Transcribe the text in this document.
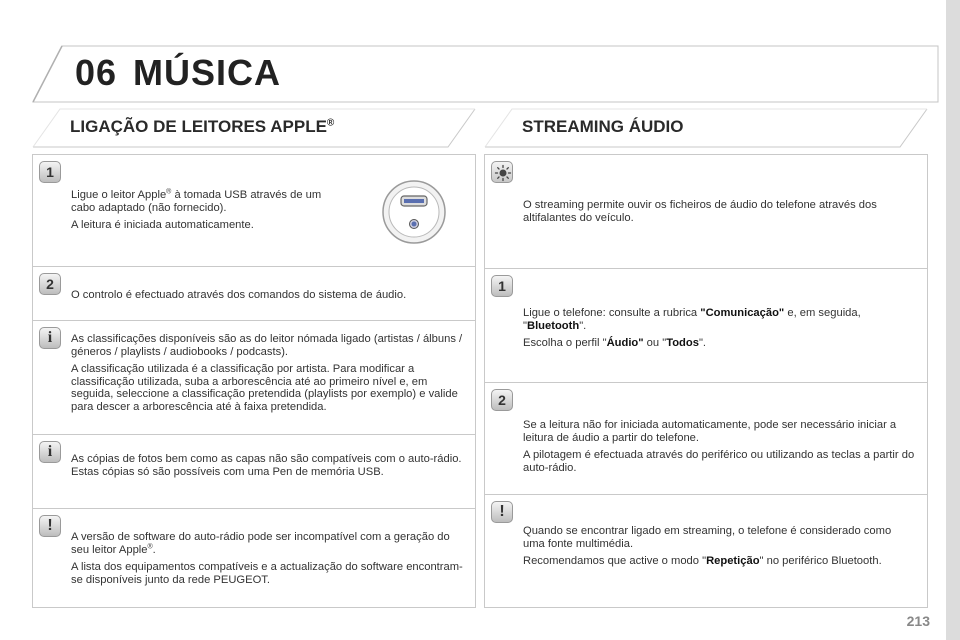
06 MÚSICA
LIGAÇÃO DE LEITORES APPLE®	STREAMING ÁUDIO
1

Ligue o leitor Apple® à tomada USB através de um cabo adaptado (não fornecido).

A leitura é iniciada automaticamente.

2

O controlo é efectuado através dos comandos do sistema de áudio.

i	As classificações disponíveis são as do leitor nómada ligado (artistas / álbuns / géneros / playlists / audiobooks / podcasts).

A classificação utilizada é a classificação por artista. Para modificar a classificação utilizada, suba a arborescência até ao primeiro nível e, em seguida, seleccione a classificação pretendida (playlists por exemplo) e valide para descer a arborescência até à faixa pretendida.

i	As cópias de fotos bem como as capas não são compatíveis com o auto-rádio. Estas cópias só são possíveis com uma Pen de memória USB.

!

A versão de software do auto-rádio pode ser incompatível com a geração do seu leitor Apple®.

A lista dos equipamentos compatíveis e a actualização do software encontram-se disponíveis junto da rede PEUGEOT.

O streaming permite ouvir os ficheiros de áudio do telefone através dos altifalantes do veículo.

1

Ligue o telefone: consulte a rubrica "Comunicação" e, em seguida, "Bluetooth".

Escolha o perfil "Áudio" ou "Todos".

2

Se a leitura não for iniciada automaticamente, pode ser necessário iniciar a leitura de áudio a partir do telefone.

A pilotagem é efectuada através do periférico ou utilizando as teclas a partir do auto-rádio.

!

Quando se encontrar ligado em streaming, o telefone é considerado como uma fonte multimédia.

Recomendamos que active o modo "Repetição" no periférico Bluetooth.

213
